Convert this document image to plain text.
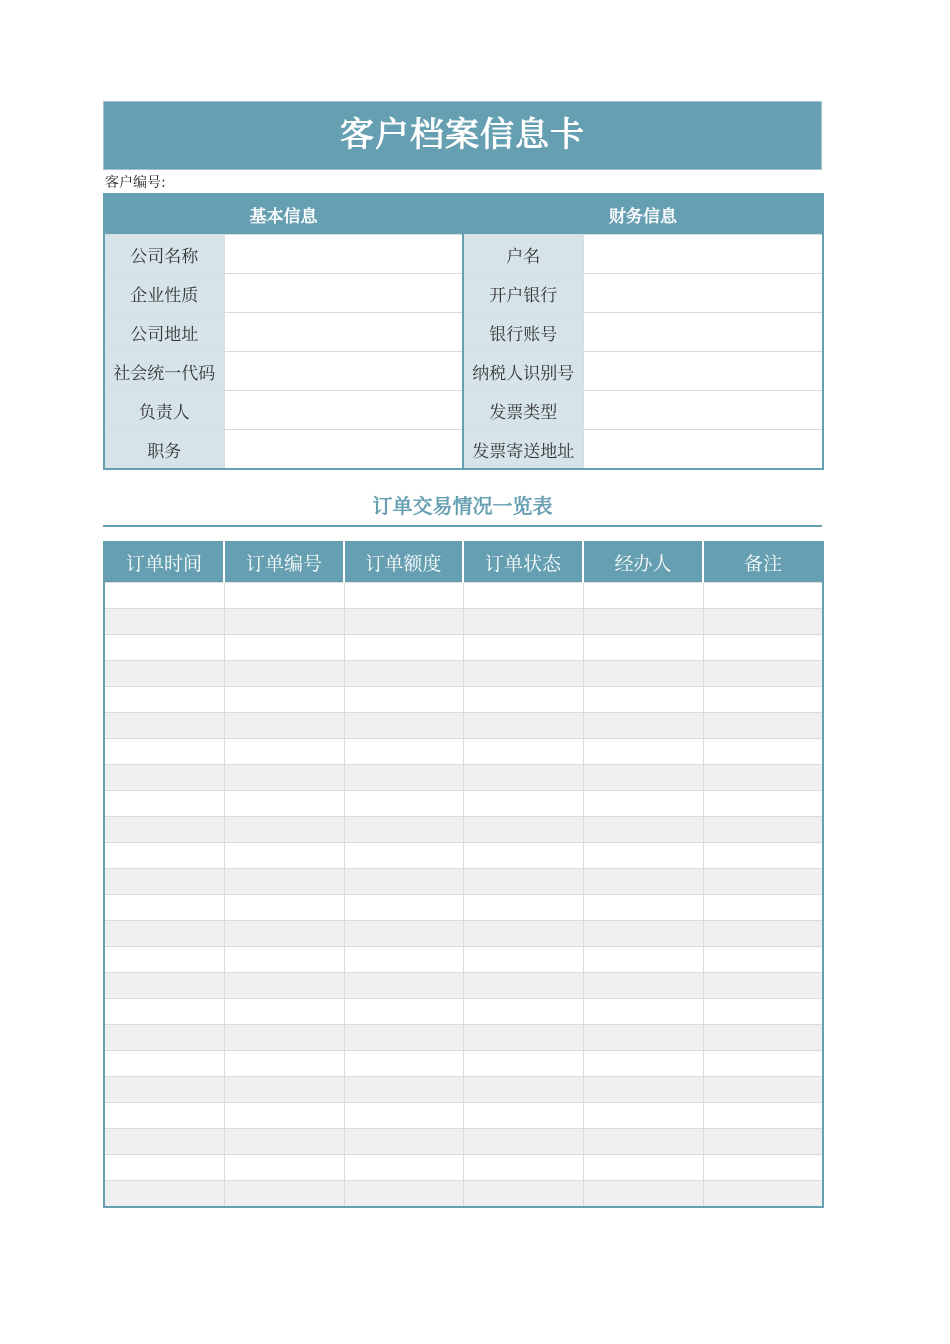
客户档案信息卡
客户编号:
基本信息		财务信息	
公司名称		户名	
企业性质		开户银行	
公司地址		银行账号	
社会统一代码		纳税人识别号	
负责人		发票类型	
职务		发票寄送地址	
订单交易情况一览表
订单时间	订单编号	订单额度	订单状态	经办人	备注
